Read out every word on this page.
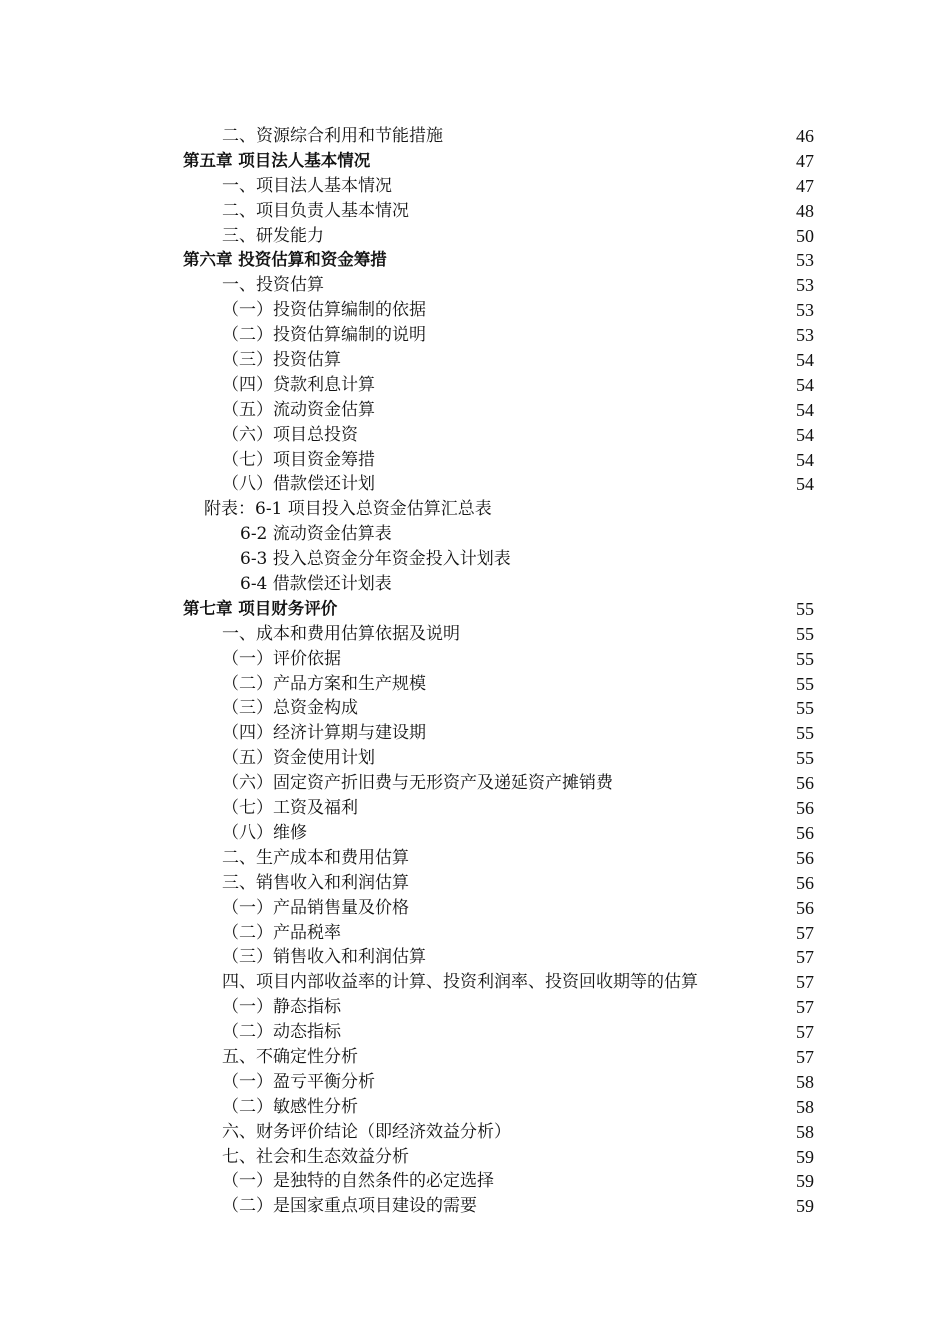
二、资源综合利用和节能措施	46
第五章 项目法人基本情况	47
一、项目法人基本情况	47
二、项目负责人基本情况	48
三、研发能力	50
第六章 投资估算和资金筹措	53
一、投资估算	53
（一）投资估算编制的依据	53
（二）投资估算编制的说明	53
（三）投资估算	54
（四）贷款利息计算	54
（五）流动资金估算	54
（六）项目总投资	54
（七）项目资金筹措	54
（八）借款偿还计划	54
附表：6-1 项目投入总资金估算汇总表
6-2 流动资金估算表
6-3 投入总资金分年资金投入计划表
6-4 借款偿还计划表
第七章 项目财务评价	55
一、成本和费用估算依据及说明	55
（一）评价依据	55
（二）产品方案和生产规模	55
（三）总资金构成	55
（四）经济计算期与建设期	55
（五）资金使用计划	55
（六）固定资产折旧费与无形资产及递延资产摊销费	56
（七）工资及福利	56
（八）维修	56
二、生产成本和费用估算	56
三、销售收入和利润估算	56
（一）产品销售量及价格	56
（二）产品税率	57
（三）销售收入和利润估算	57
四、项目内部收益率的计算、投资利润率、投资回收期等的估算	57
（一）静态指标	57
（二）动态指标	57
五、不确定性分析	57
（一）盈亏平衡分析	58
（二）敏感性分析	58
六、财务评价结论（即经济效益分析）	58
七、社会和生态效益分析	59
（一）是独特的自然条件的必定选择	59
（二）是国家重点项目建设的需要	59
